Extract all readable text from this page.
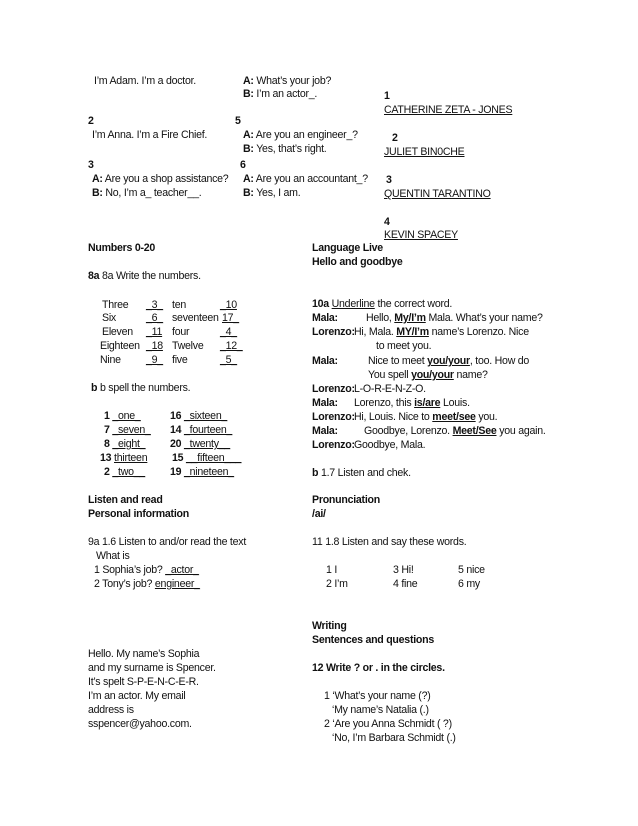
I’m Adam. I’m a doctor.
2
I’m Anna. I’m a Fire Chief.
3
A: Are you a shop assistance?
B: No, I’m a_ teacher__.
A: What’s your job?
B: I’m an actor_.
5
A: Are you an engineer_?
B: Yes, that’s right.
6
A: Are you an accountant_?
B: Yes, I am.
1
CATHERINE ZETA - JONES
2
JULIET BIN0CHE
3
QUENTIN TARANTINO
4
KEVIN SPACEY
Numbers 0-20
8a 8a Write the numbers.
Three _3_ ten	_10
Six	_6_ seventeen 17_
Eleven _11 four	_4_
Eighteen _18 Twelve _12_
Nine _9_ five	_5_
b b spell the numbers.
1 _one_	16 _sixteen_
7 _seven_ 14 _fourteen_
8 _eight_ 20 _twenty__
13 thirteen 15 __fifteen___
2 _two__ 19 _nineteen_
Listen and read
Personal information
9a 1.6 Listen to and/or read the text
What is
1 Sophia’s job? _actor_
2 Tony’s job? engineer_
Hello. My name’s Sophia
and my surname is Spencer.
It’s spelt S-P-E-N-C-E-R.
I’m an actor. My email
address is
sspencer@yahoo.com.
Language Live
Hello and goodbye
10a Underline the correct word.
Mala:	Hello, My/I’m Mala. What’s your name?
Lorenzo: Hi, Mala. MY/I’m name’s Lorenzo. Nice
to meet you.
Mala:	Nice to meet you/your, too. How do
You spell you/your name?
Lorenzo: L-O-R-E-N-Z-O.
Mala: Lorenzo, this is/are Louis.
Lorenzo: Hi, Louis. Nice to meet/see you.
Mala: Goodbye, Lorenzo. Meet/See you again.
Lorenzo: Goodbye, Mala.
b 1.7 Listen and chek.
Pronunciation
/ai/
11 1.8 Listen and say these words.
1 I	3 Hi!	5 nice
2 I’m	4 fine	6 my
Writing
Sentences and questions
12 Write ? or . in the circles.
1 ‘What’s your name (?)
‘My name’s Natalia (.)
2 ‘Are you Anna Schmidt ( ?)
‘No, I’m Barbara Schmidt (.)
